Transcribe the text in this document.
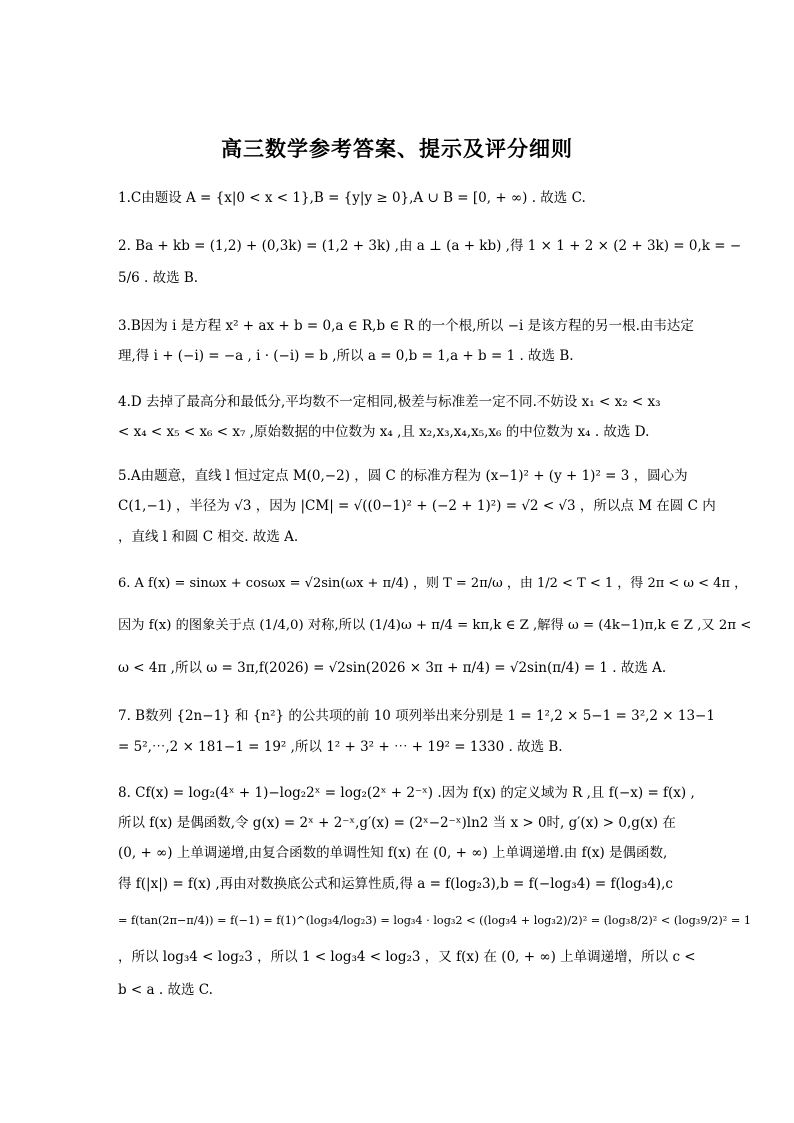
高三数学参考答案、提示及评分细则
1.C由题设 A = {x|0 < x < 1},B = {y|y ≥ 0},A ∪ B = [0, + ∞) . 故选 C.
2. Ba + kb = (1,2) + (0,3k) = (1,2 + 3k) ,由 a ⊥ (a + kb) ,得 1 × 1 + 2 × (2 + 3k) = 0,k = −
5/6 . 故选 B.
3.B因为 i 是方程 x² + ax + b = 0,a ∈ R,b ∈ R 的一个根,所以 −i 是该方程的另一根.由韦达定
理,得 i + (−i) = −a , i · (−i) = b ,所以 a = 0,b = 1,a + b = 1 . 故选 B.
4.D 去掉了最高分和最低分,平均数不一定相同,极差与标准差一定不同.不妨设 x₁ < x₂ < x₃
< x₄ < x₅ < x₆ < x₇ ,原始数据的中位数为 x₄ ,且 x₂,x₃,x₄,x₅,x₆ 的中位数为 x₄ . 故选 D.
5.A由题意，直线 l 恒过定点 M(0,−2) ，圆 C 的标准方程为 (x−1)² + (y + 1)² = 3 ，圆心为
C(1,−1) ，半径为 √3 ，因为 |CM| = √((0−1)² + (−2 + 1)²) = √2 < √3 ，所以点 M 在圆 C 内
，直线 l 和圆 C 相交. 故选 A.
6. A f(x) = sinωx + cosωx = √2sin(ωx + π/4) ，则 T = 2π/ω ，由 1/2 < T < 1 ，得 2π < ω < 4π ，
因为 f(x) 的图象关于点 (1/4,0) 对称,所以 (1/4)ω + π/4 = kπ,k ∈ Z ,解得 ω = (4k−1)π,k ∈ Z ,又 2π <
ω < 4π ,所以 ω = 3π,f(2026) = √2sin(2026 × 3π + π/4) = √2sin(π/4) = 1 . 故选 A.
7. B数列 {2n−1} 和 {n²} 的公共项的前 10 项列举出来分别是 1 = 1²,2 × 5−1 = 3²,2 × 13−1
= 5²,⋯,2 × 181−1 = 19² ,所以 1² + 3² + ⋯ + 19² = 1330 . 故选 B.
8. Cf(x) = log₂(4ˣ + 1)−log₂2ˣ = log₂(2ˣ + 2⁻ˣ) .因为 f(x) 的定义域为 R ,且 f(−x) = f(x) ,
所以 f(x) 是偶函数,令 g(x) = 2ˣ + 2⁻ˣ,g′(x) = (2ˣ−2⁻ˣ)ln2 当 x > 0时, g′(x) > 0,g(x) 在
(0, + ∞) 上单调递增,由复合函数的单调性知 f(x) 在 (0, + ∞) 上单调递增.由 f(x) 是偶函数,
得 f(|x|) = f(x) ,再由对数换底公式和运算性质,得 a = f(log₂3),b = f(−log₃4) = f(log₃4),c
= f(tan(2π−π/4)) = f(−1) = f(1)^(log₃4/log₂3) = log₃4 · log₃2 < ((log₃4 + log₃2)/2)² = (log₃8/2)² < (log₃9/2)² = 1
，所以 log₃4 < log₂3 ，所以 1 < log₃4 < log₂3 ，又 f(x) 在 (0, + ∞) 上单调递增，所以 c <
b < a . 故选 C.
